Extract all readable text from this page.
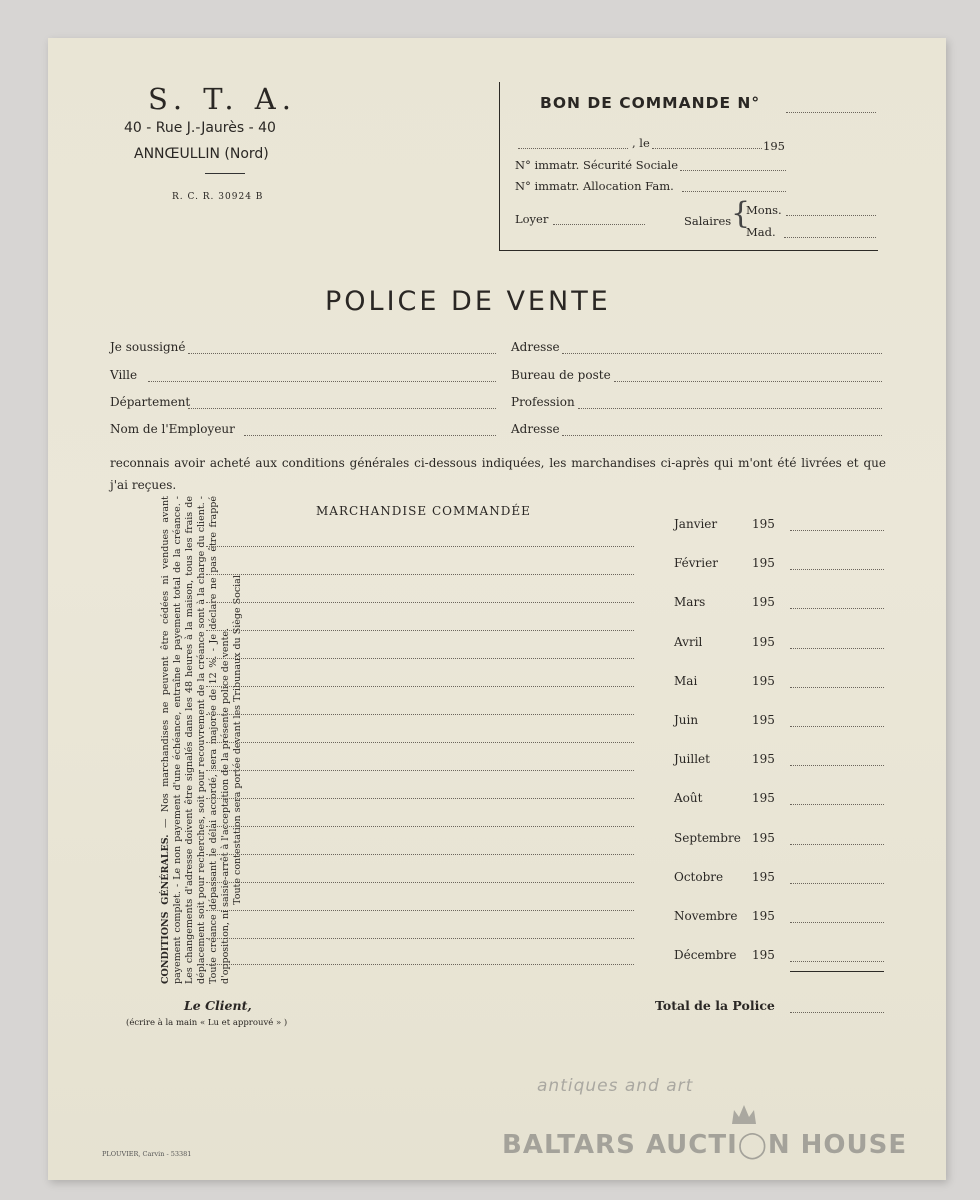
S. T. A.
40 - Rue J.-Jaurès - 40
ANNŒULLIN (Nord)
R. C. R. 30924 B
BON DE COMMANDE N°
, le	195
N° immatr. Sécurité Sociale
N° immatr. Allocation Fam.
Loyer	Salaires {
Mons.
Mad.
POLICE DE VENTE
Je soussigné	Adresse
Ville	Bureau de poste
Département	Profession
Nom de l'Employeur	Adresse
reconnais avoir acheté aux conditions générales ci-dessous indiquées, les marchandises ci-après qui m'ont été livrées et que j'ai reçues.

CONDITIONS GÉNÉRALES. — Nos marchandises ne peuvent être cédées ni vendues avant payement complet. - Le non payement d'une échéance, entraîne le payement total de la créance. - Les changements d'adresse doivent être signalés dans les 48 heures à la maison, tous les frais de déplacement soit pour recherches, soit pour recouvrement de la créance sont à la charge du client. - Toute créance dépassant le délai accordé, sera majorée de 12 %. - Je déclare ne pas être frappé d'opposition, ni saisie-arrêt à l'acceptation de la présente police de vente. Toute contestation sera portée devant les Tribunaux du Siège Social

MARCHANDISE COMMANDÉE
Janvier	195
Février	195
Mars	195
Avril	195
Mai	195
Juin	195
Juillet	195
Août	195
Septembre 195
Octobre 195
Novembre 195
Décembre 195
Le Client,
(écrire à la main « Lu et approuvé » )
Total de la Police
PLOUVIER, Carvin - 53381
antiques and art
BALTARS AUCTI◯N HOUSE
